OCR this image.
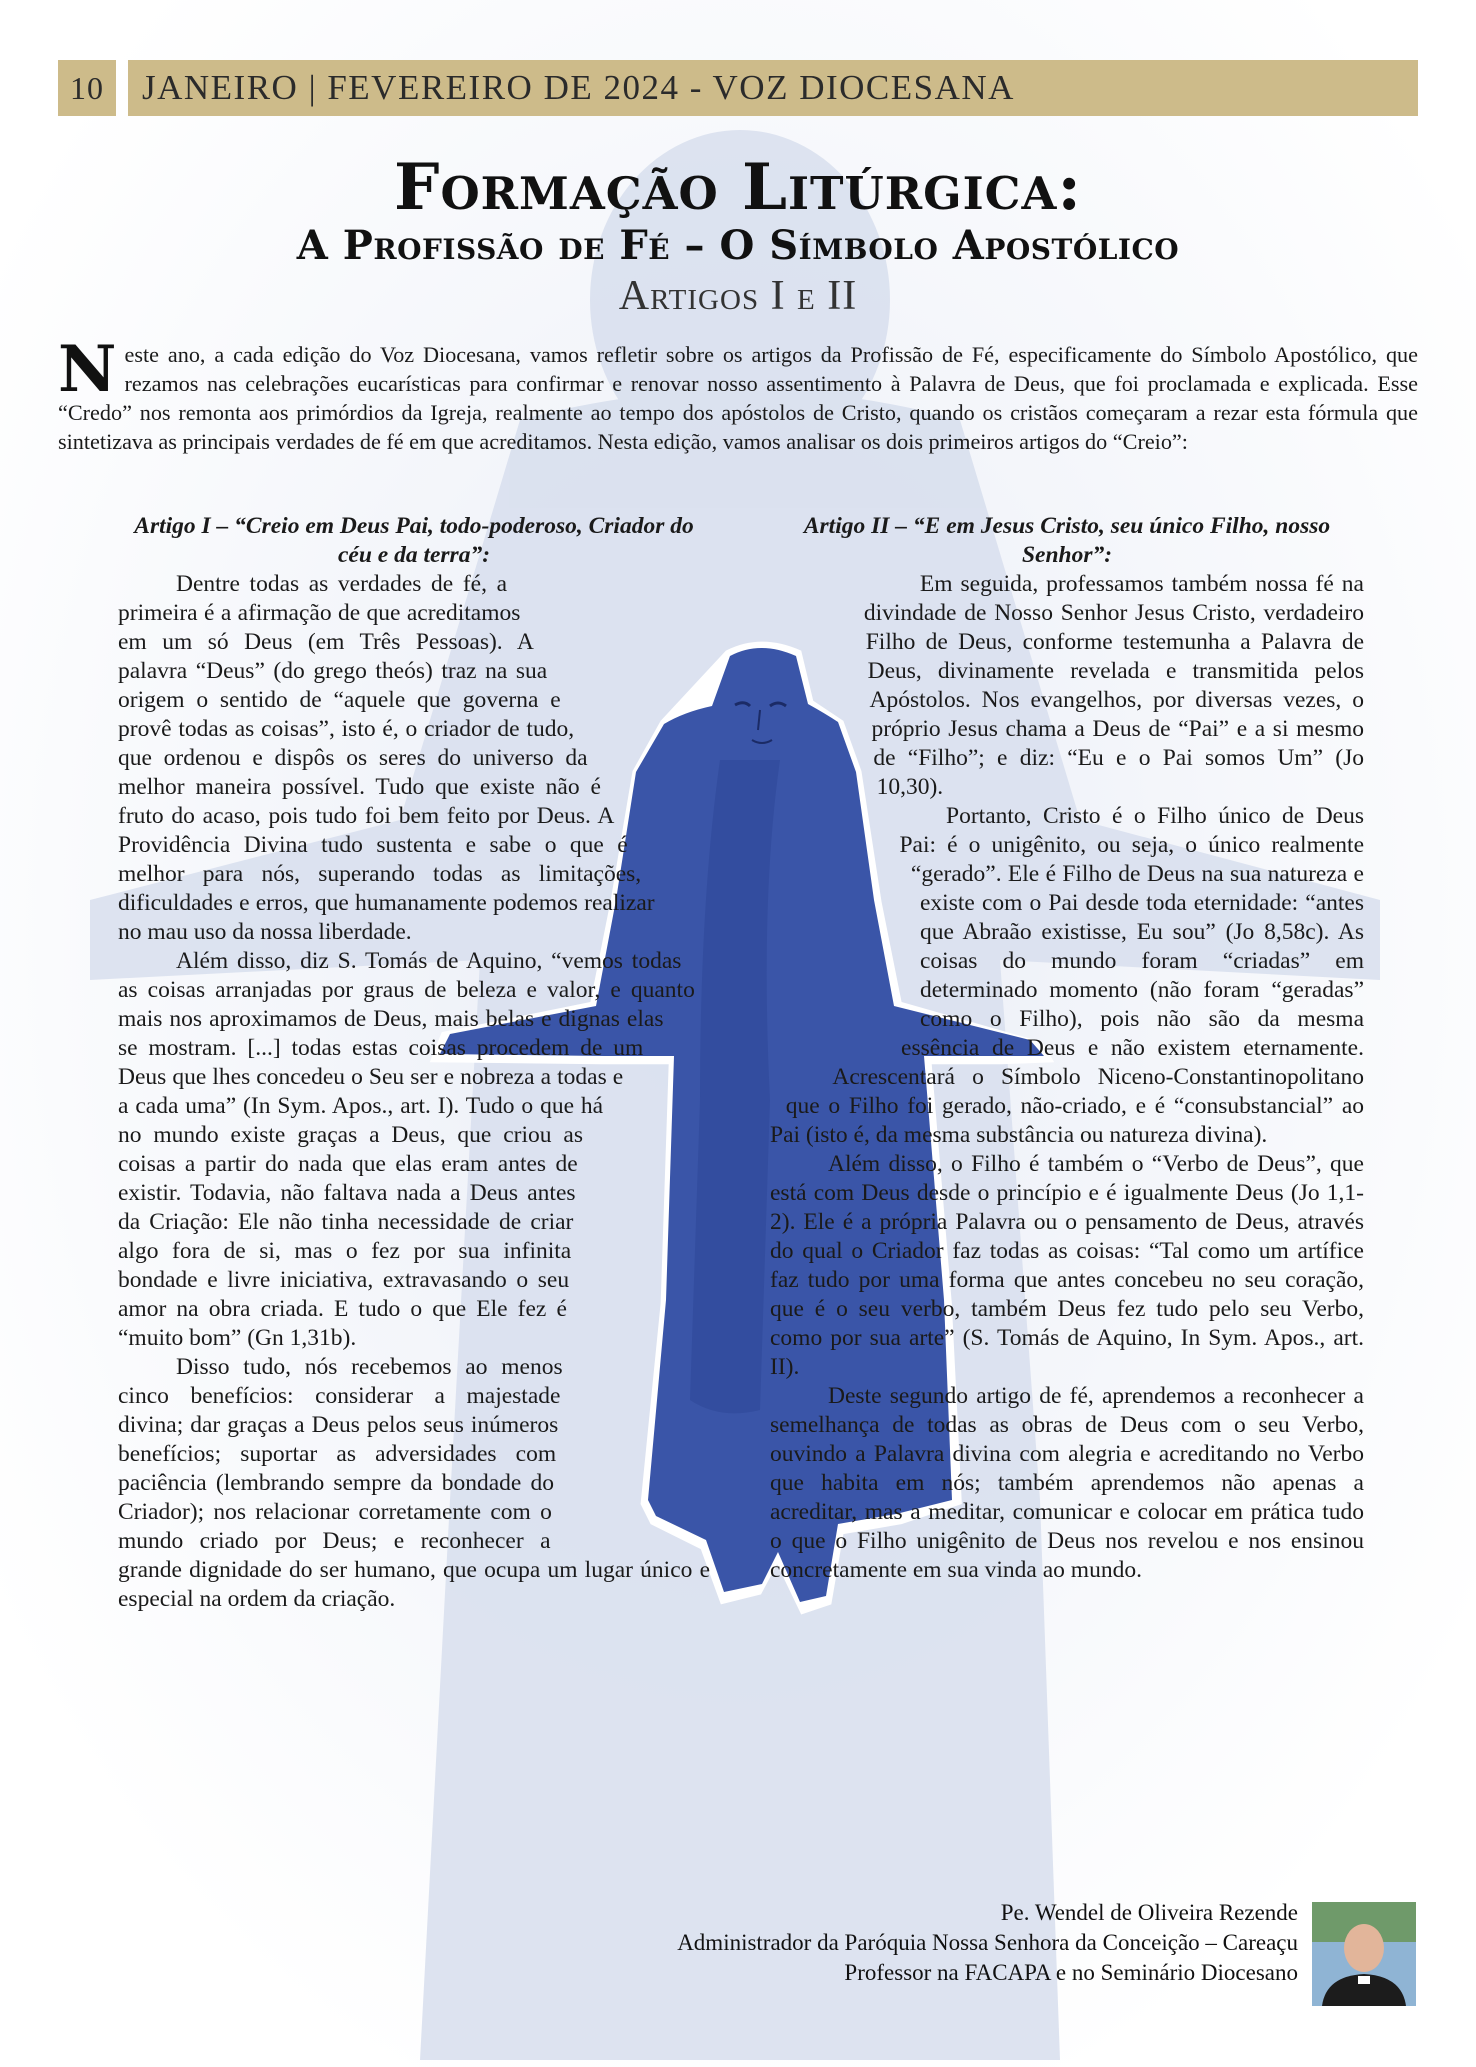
10	JANEIRO | FEVEREIRO DE 2024 - VOZ DIOCESANA
Formação Litúrgica:
A Profissão de Fé – O Símbolo Apostólico
Artigos I e II
Neste ano, a cada edição do Voz Diocesana, vamos refletir sobre os artigos da Profissão de Fé, especificamente do Símbolo Apostólico, que rezamos nas celebrações eucarísticas para confirmar e renovar nosso assentimento à Palavra de Deus, que foi proclamada e explicada. Esse “Credo” nos remonta aos primórdios da Igreja, realmente ao tempo dos apóstolos de Cristo, quando os cristãos começaram a rezar esta fórmula que sintetizava as principais verdades de fé em que acreditamos. Nesta edição, vamos analisar os dois primeiros artigos do “Creio”:
Artigo I – “Creio em Deus Pai, todo-poderoso, Criador do céu e da terra”:

Dentre todas as verdades de fé, a primeira é a afirmação de que acreditamos em um só Deus (em Três Pessoas). A palavra “Deus” (do grego theós) traz na sua origem o sentido de “aquele que governa e provê todas as coisas”, isto é, o criador de tudo, que ordenou e dispôs os seres do universo da melhor maneira possível. Tudo que existe não é fruto do acaso, pois tudo foi bem feito por Deus. A Providência Divina tudo sustenta e sabe o que é melhor para nós, superando todas as limitações, dificuldades e erros, que humanamente podemos realizar no mau uso da nossa liberdade.

Além disso, diz S. Tomás de Aquino, “vemos todas as coisas arranjadas por graus de beleza e valor, e quanto mais nos aproximamos de Deus, mais belas e dignas elas se mostram. [...] todas estas coisas procedem de um Deus que lhes concedeu o Seu ser e nobreza a todas e a cada uma” (In Sym. Apos., art. I). Tudo o que há no mundo existe graças a Deus, que criou as coisas a partir do nada que elas eram antes de existir. Todavia, não faltava nada a Deus antes da Criação: Ele não tinha necessidade de criar algo fora de si, mas o fez por sua infinita bondade e livre iniciativa, extravasando o seu amor na obra criada. E tudo o que Ele fez é “muito bom” (Gn 1,31b).

Disso tudo, nós recebemos ao menos cinco benefícios: considerar a majestade divina; dar graças a Deus pelos seus inúmeros benefícios; suportar as adversidades com paciência (lembrando sempre da bondade do Criador); nos relacionar corretamente com o mundo criado por Deus; e reconhecer a grande dignidade do ser humano, que ocupa um lugar único e especial na ordem da criação.

Artigo II – “E em Jesus Cristo, seu único Filho, nosso Senhor”:

Em seguida, professamos também nossa fé na divindade de Nosso Senhor Jesus Cristo, verdadeiro Filho de Deus, conforme testemunha a Palavra de Deus, divinamente revelada e transmitida pelos Apóstolos. Nos evangelhos, por diversas vezes, o próprio Jesus chama a Deus de “Pai” e a si mesmo de “Filho”; e diz: “Eu e o Pai somos Um” (Jo 10,30).

Portanto, Cristo é o Filho único de Deus Pai: é o unigênito, ou seja, o único realmente “gerado”. Ele é Filho de Deus na sua natureza e existe com o Pai desde toda eternidade: “antes que Abraão existisse, Eu sou” (Jo 8,58c). As coisas do mundo foram “criadas” em determinado momento (não foram “geradas” como o Filho), pois não são da mesma essência de Deus e não existem eternamente. Acrescentará o Símbolo Niceno-Constantinopolitano que o Filho foi gerado, não-criado, e é “consubstancial” ao Pai (isto é, da mesma substância ou natureza divina).

Além disso, o Filho é também o “Verbo de Deus”, que está com Deus desde o princípio e é igualmente Deus (Jo 1,1-2). Ele é a própria Palavra ou o pensamento de Deus, através do qual o Criador faz todas as coisas: “Tal como um artífice faz tudo por uma forma que antes concebeu no seu coração, que é o seu verbo, também Deus fez tudo pelo seu Verbo, como por sua arte” (S. Tomás de Aquino, In Sym. Apos., art. II).

Deste segundo artigo de fé, aprendemos a reconhecer a semelhança de todas as obras de Deus com o seu Verbo, ouvindo a Palavra divina com alegria e acreditando no Verbo que habita em nós; também aprendemos não apenas a acreditar, mas a meditar, comunicar e colocar em prática tudo o que o Filho unigênito de Deus nos revelou e nos ensinou concretamente em sua vinda ao mundo.

Pe. Wendel de Oliveira Rezende
Administrador da Paróquia Nossa Senhora da Conceição – Careaçu
Professor na FACAPA e no Seminário Diocesano
